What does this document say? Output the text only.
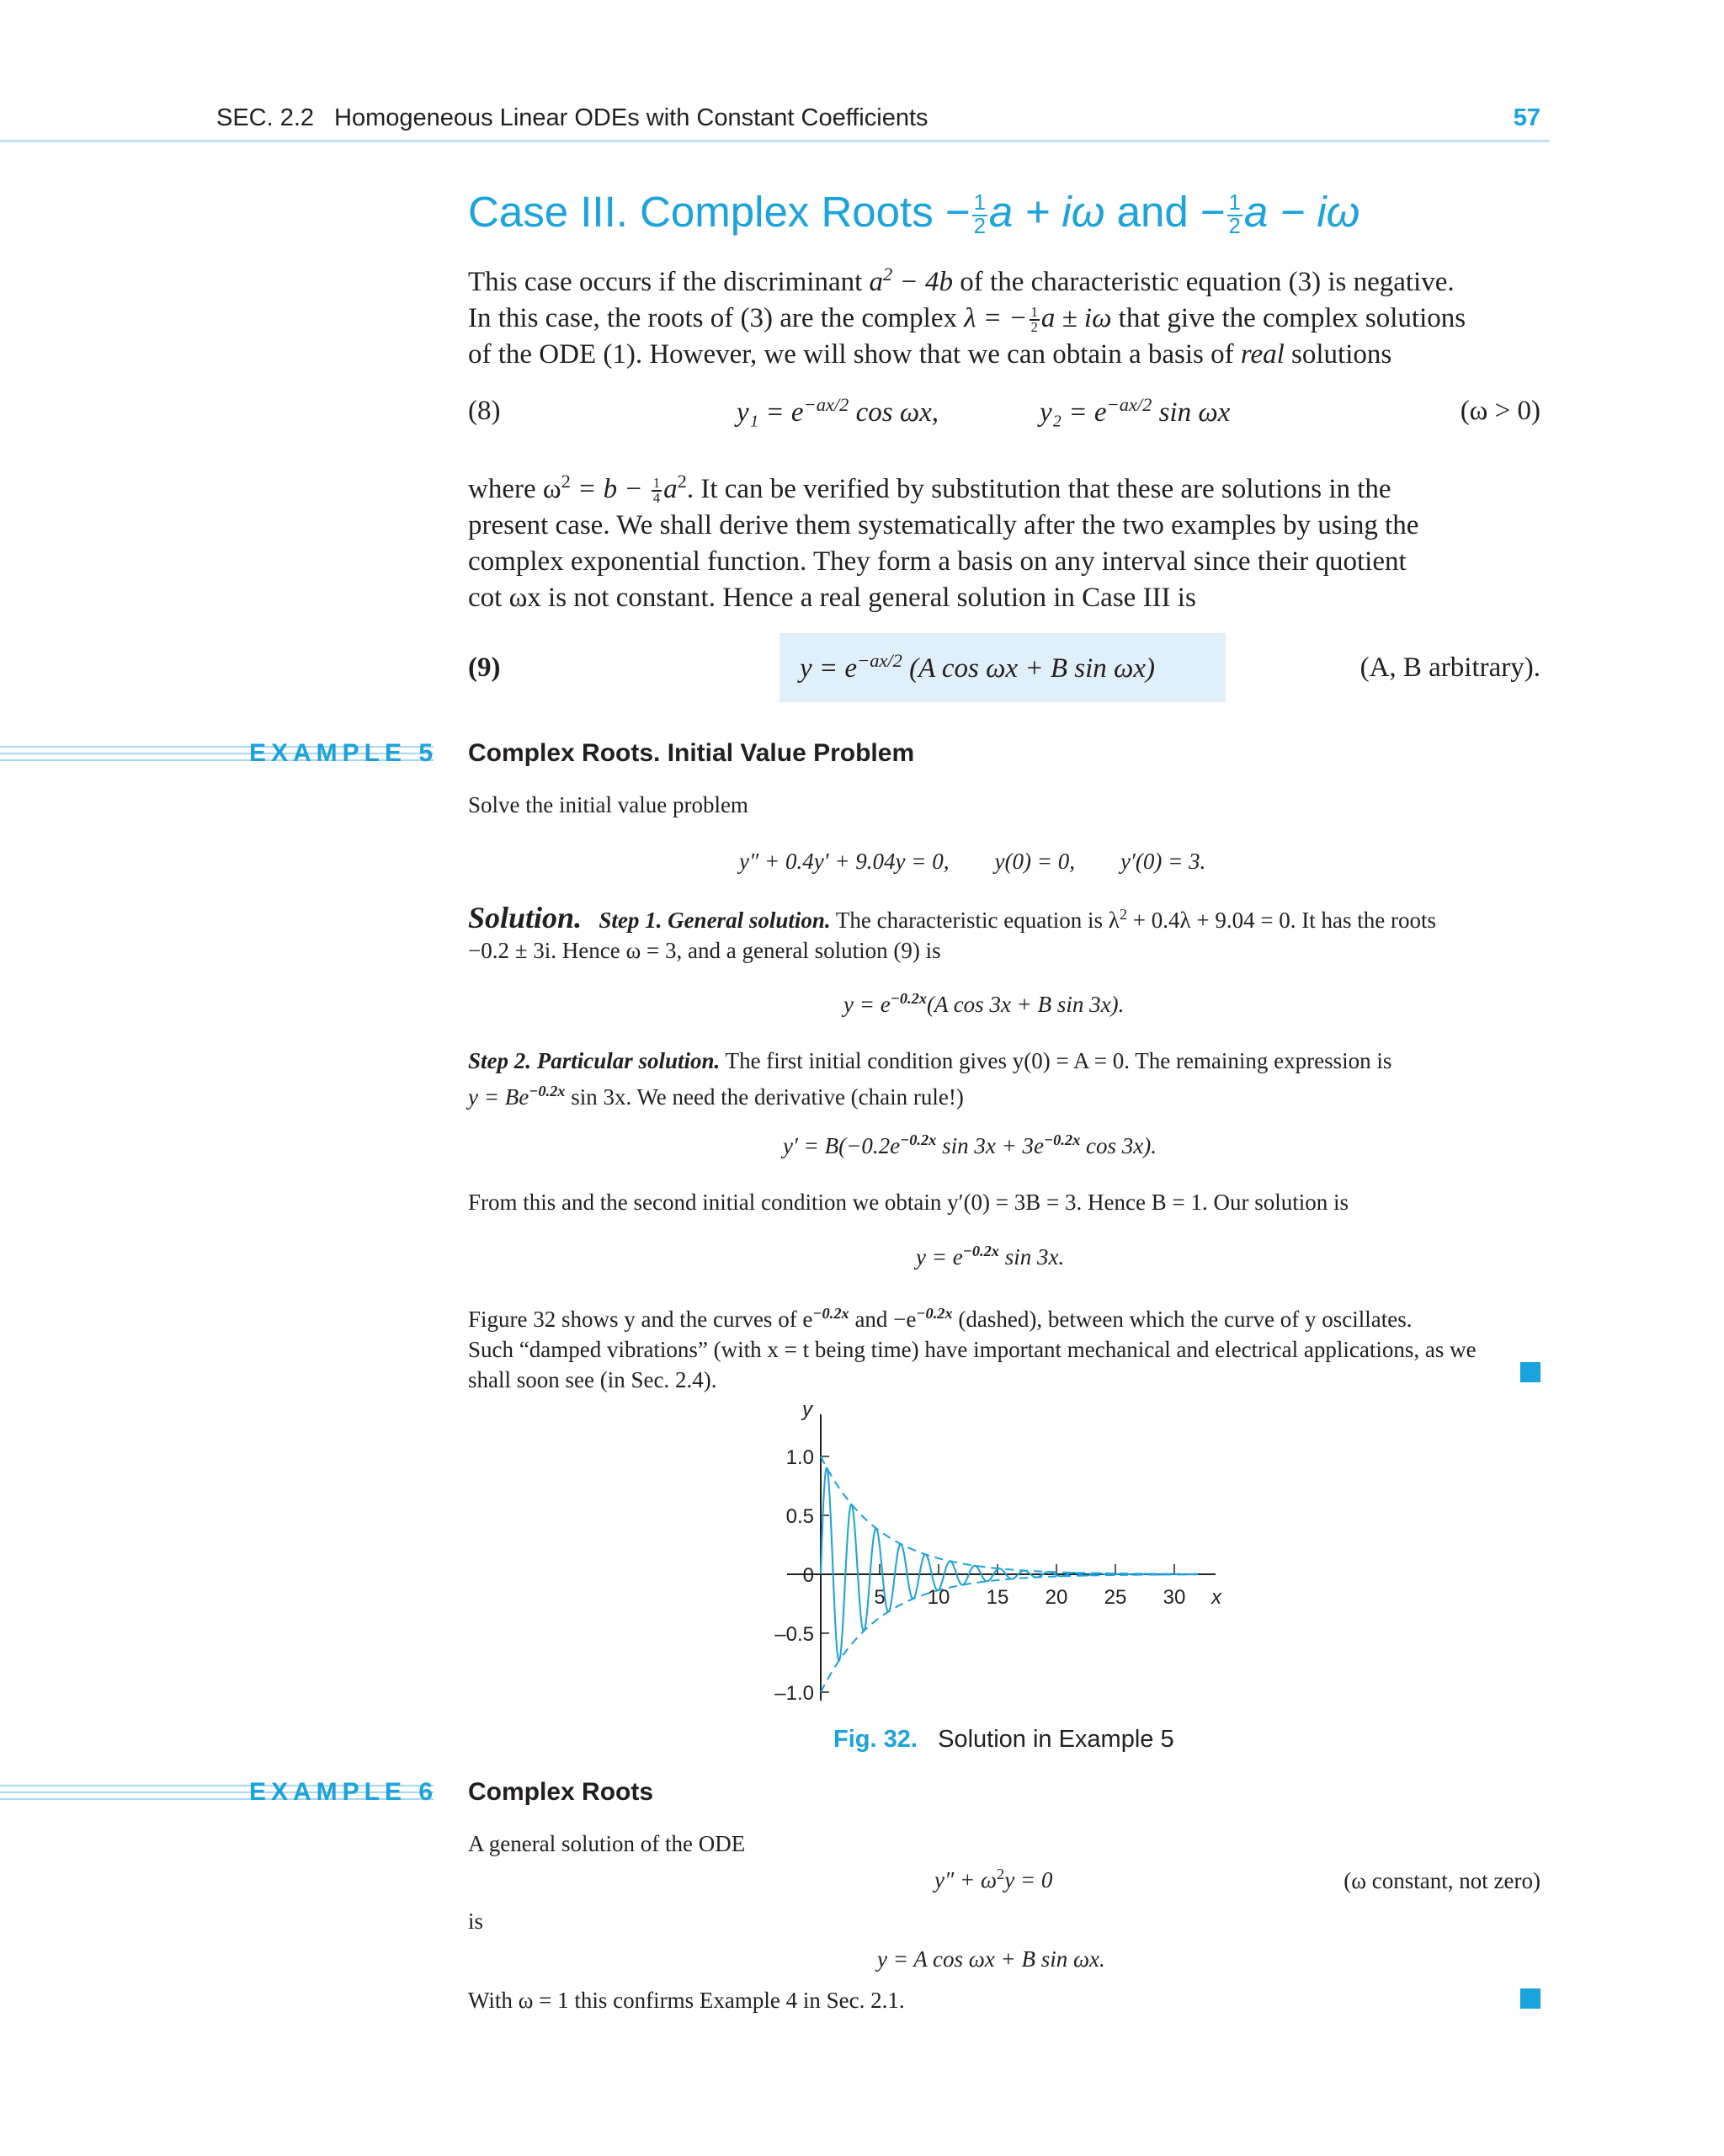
SEC. 2.2 Homogeneous Linear ODEs with Constant Coefficients	57
Case III. Complex Roots − $\frac{1}{2}$ a + iω and − $\frac{1}{2}$ a − iω
This case occurs if the discriminant $a^2 - 4b$ of the characteristic equation (3) is negative.
In this case, the roots of (3) are the complex λ = − $\frac{1}{2}$ a ± iω that give the complex solutions
of the ODE (1). However, we will show that we can obtain a basis of real solutions
(8)	$y_1 = e^{-ax/2}$ cos ωx,	$y_2 = e^{-ax/2}$ sin ωx	(ω > 0)
where $\omega^2 = b - \frac{1}{4} a^2$. It can be verified by substitution that these are solutions in the
present case. We shall derive them systematically after the two examples by using the
complex exponential function. They form a basis on any interval since their quotient
cot ωx is not constant. Hence a real general solution in Case III is
(9)	$y = e^{-ax/2}$ (A cos ωx + B sin ωx)	(A, B arbitrary).
EXAMPLE 5 Complex Roots. Initial Value Problem
Solve the initial value problem
y″ + 0.4y′ + 9.04y = 0,        y(0) = 0,        y′(0) = 3.
Solution. Step 1. General solution. The characteristic equation is $\lambda^2 + 0.4\lambda + 9.04 = 0$. It has the roots
−0.2 ± 3i. Hence ω = 3, and a general solution (9) is
$y = e^{-0.2x}(A$ cos 3x + B sin 3x).
Step 2. Particular solution. The first initial condition gives y(0) = A = 0. The remaining expression is
$y = Be^{-0.2x}$ sin 3x. We need the derivative (chain rule!)
$y' = B(-0.2e^{-0.2x}$ $\sin 3x + 3e^{-0.2x}$ cos 3x).
From this and the second initial condition we obtain y′(0) = 3B = 3. Hence B = 1. Our solution is
$y = e^{-0.2x}$ sin 3x.
Figure 32 shows y and the curves of $e^{-0.2x}$ and $-e^{-0.2x}$ (dashed), between which the curve of y oscillates.
Such “damped vibrations” (with x = t being time) have important mechanical and electrical applications, as we
shall soon see (in Sec. 2.4).
1.0
0.5
0
–0.5
–1.0
5 10 15 20 25 30 x
y
Fig. 32. Solution in Example 5
EXAMPLE 6 Complex Roots
A general solution of the ODE
$y'' + \omega^2y = 0$	(ω constant, not zero)
is
y = A cos ωx + B sin ωx.
With ω = 1 this confirms Example 4 in Sec. 2.1.
